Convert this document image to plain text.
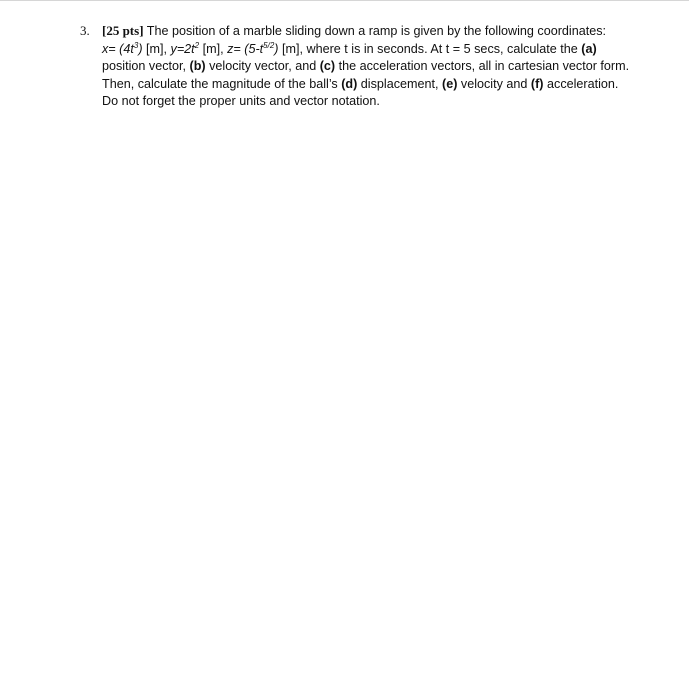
3. [25 pts] The position of a marble sliding down a ramp is given by the following coordinates:
$x= (4t^3)$ [m], $y=2t^2$ [m], $z= (5-t^{5/2})$ [m], where t is in seconds. At t = 5 secs, calculate the (a)
position vector, (b) velocity vector, and (c) the acceleration vectors, all in cartesian vector form.
Then, calculate the magnitude of the ball’s (d) displacement, (e) velocity and (f) acceleration.
Do not forget the proper units and vector notation.
